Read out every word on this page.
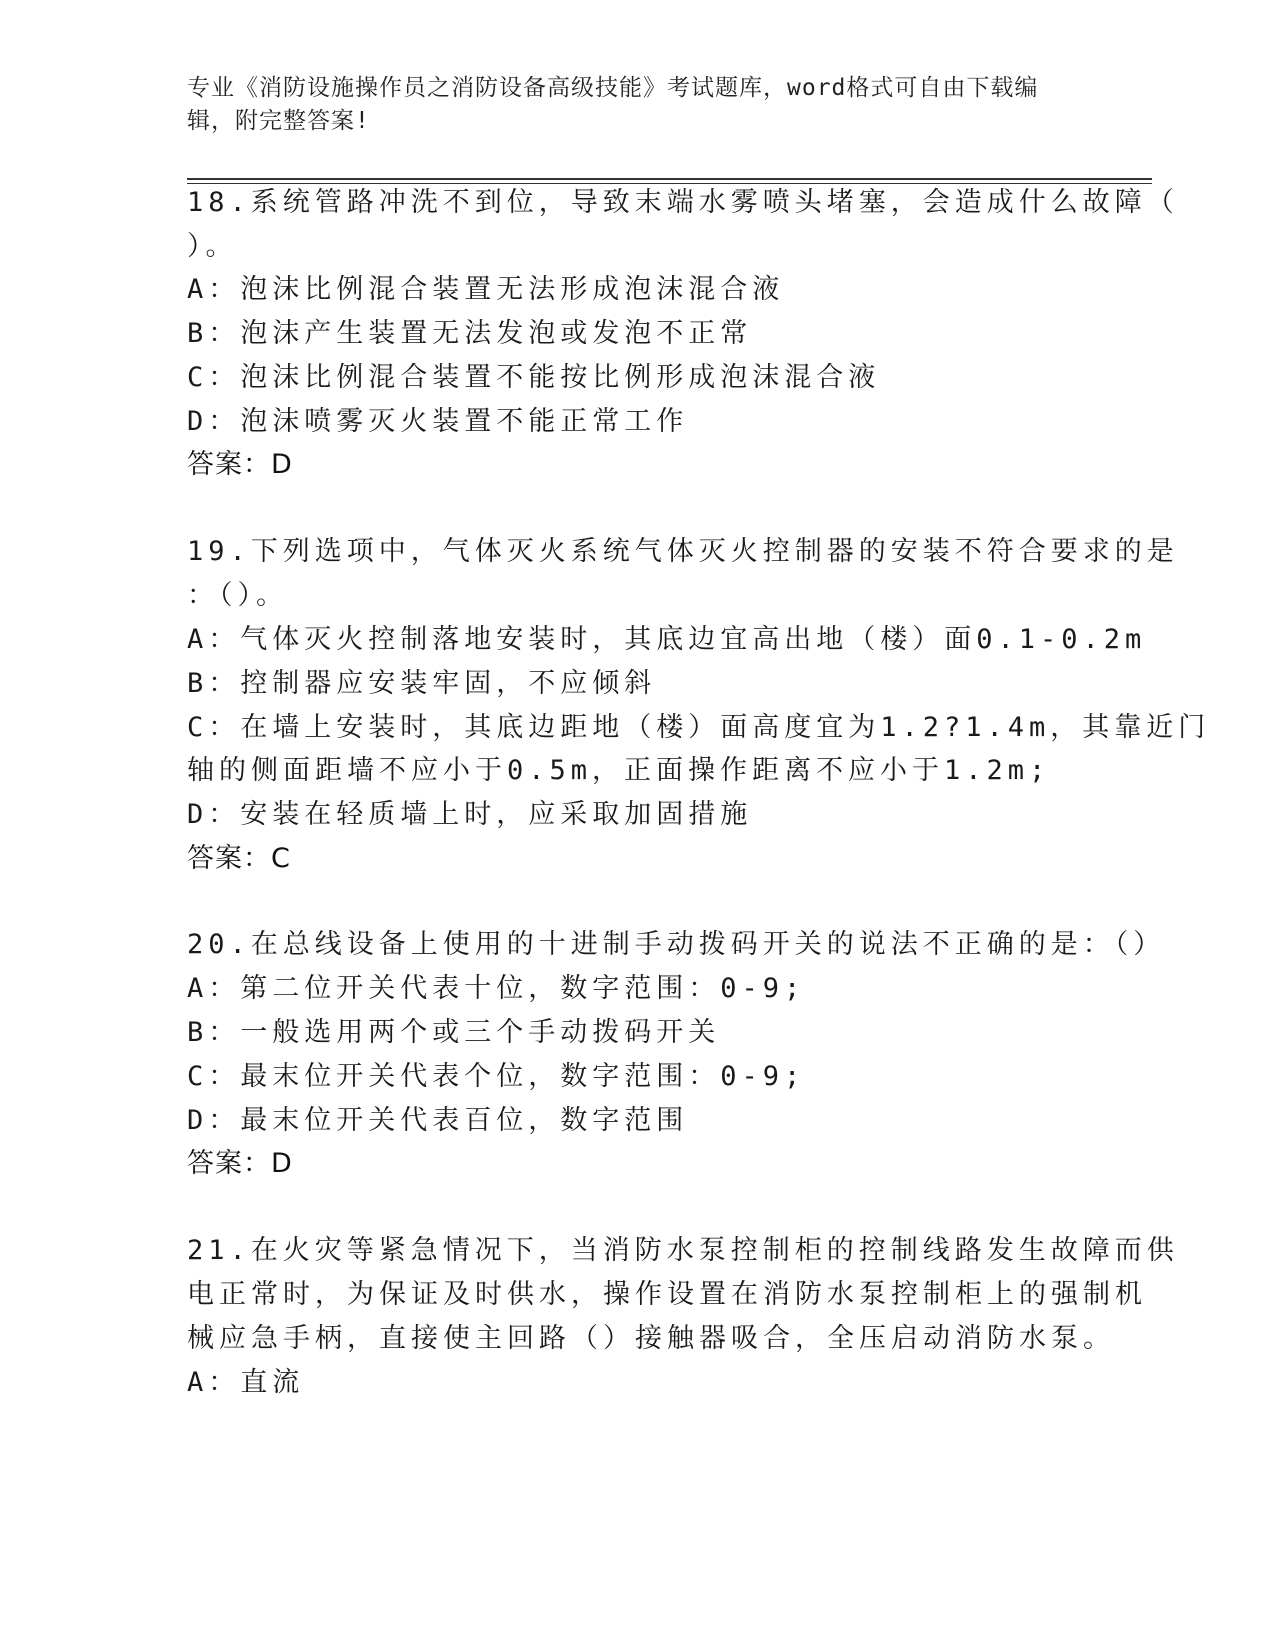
专业《消防设施操作员之消防设备高级技能》考试题库，word格式可自由下载编
辑，附完整答案!
18.系统管路冲洗不到位，导致末端水雾喷头堵塞，会造成什么故障（
）。
A：泡沫比例混合装置无法形成泡沫混合液
B：泡沫产生装置无法发泡或发泡不正常
C：泡沫比例混合装置不能按比例形成泡沫混合液
D：泡沫喷雾灭火装置不能正常工作
答案：D
19.下列选项中，气体灭火系统气体灭火控制器的安装不符合要求的是
：（）。
A：气体灭火控制落地安装时，其底边宜高出地（楼）面0.1-0.2m
B：控制器应安装牢固，不应倾斜
C：在墙上安装时，其底边距地（楼）面高度宜为1.2?1.4m，其靠近门
轴的侧面距墙不应小于0.5m，正面操作距离不应小于1.2m;
D：安装在轻质墙上时，应采取加固措施
答案：C
20.在总线设备上使用的十进制手动拨码开关的说法不正确的是：（）
A：第二位开关代表十位，数字范围：0-9;
B：一般选用两个或三个手动拨码开关
C：最末位开关代表个位，数字范围：0-9;
D：最末位开关代表百位，数字范围
答案：D
21.在火灾等紧急情况下，当消防水泵控制柜的控制线路发生故障而供
电正常时，为保证及时供水，操作设置在消防水泵控制柜上的强制机
械应急手柄，直接使主回路（）接触器吸合，全压启动消防水泵。
A：直流
